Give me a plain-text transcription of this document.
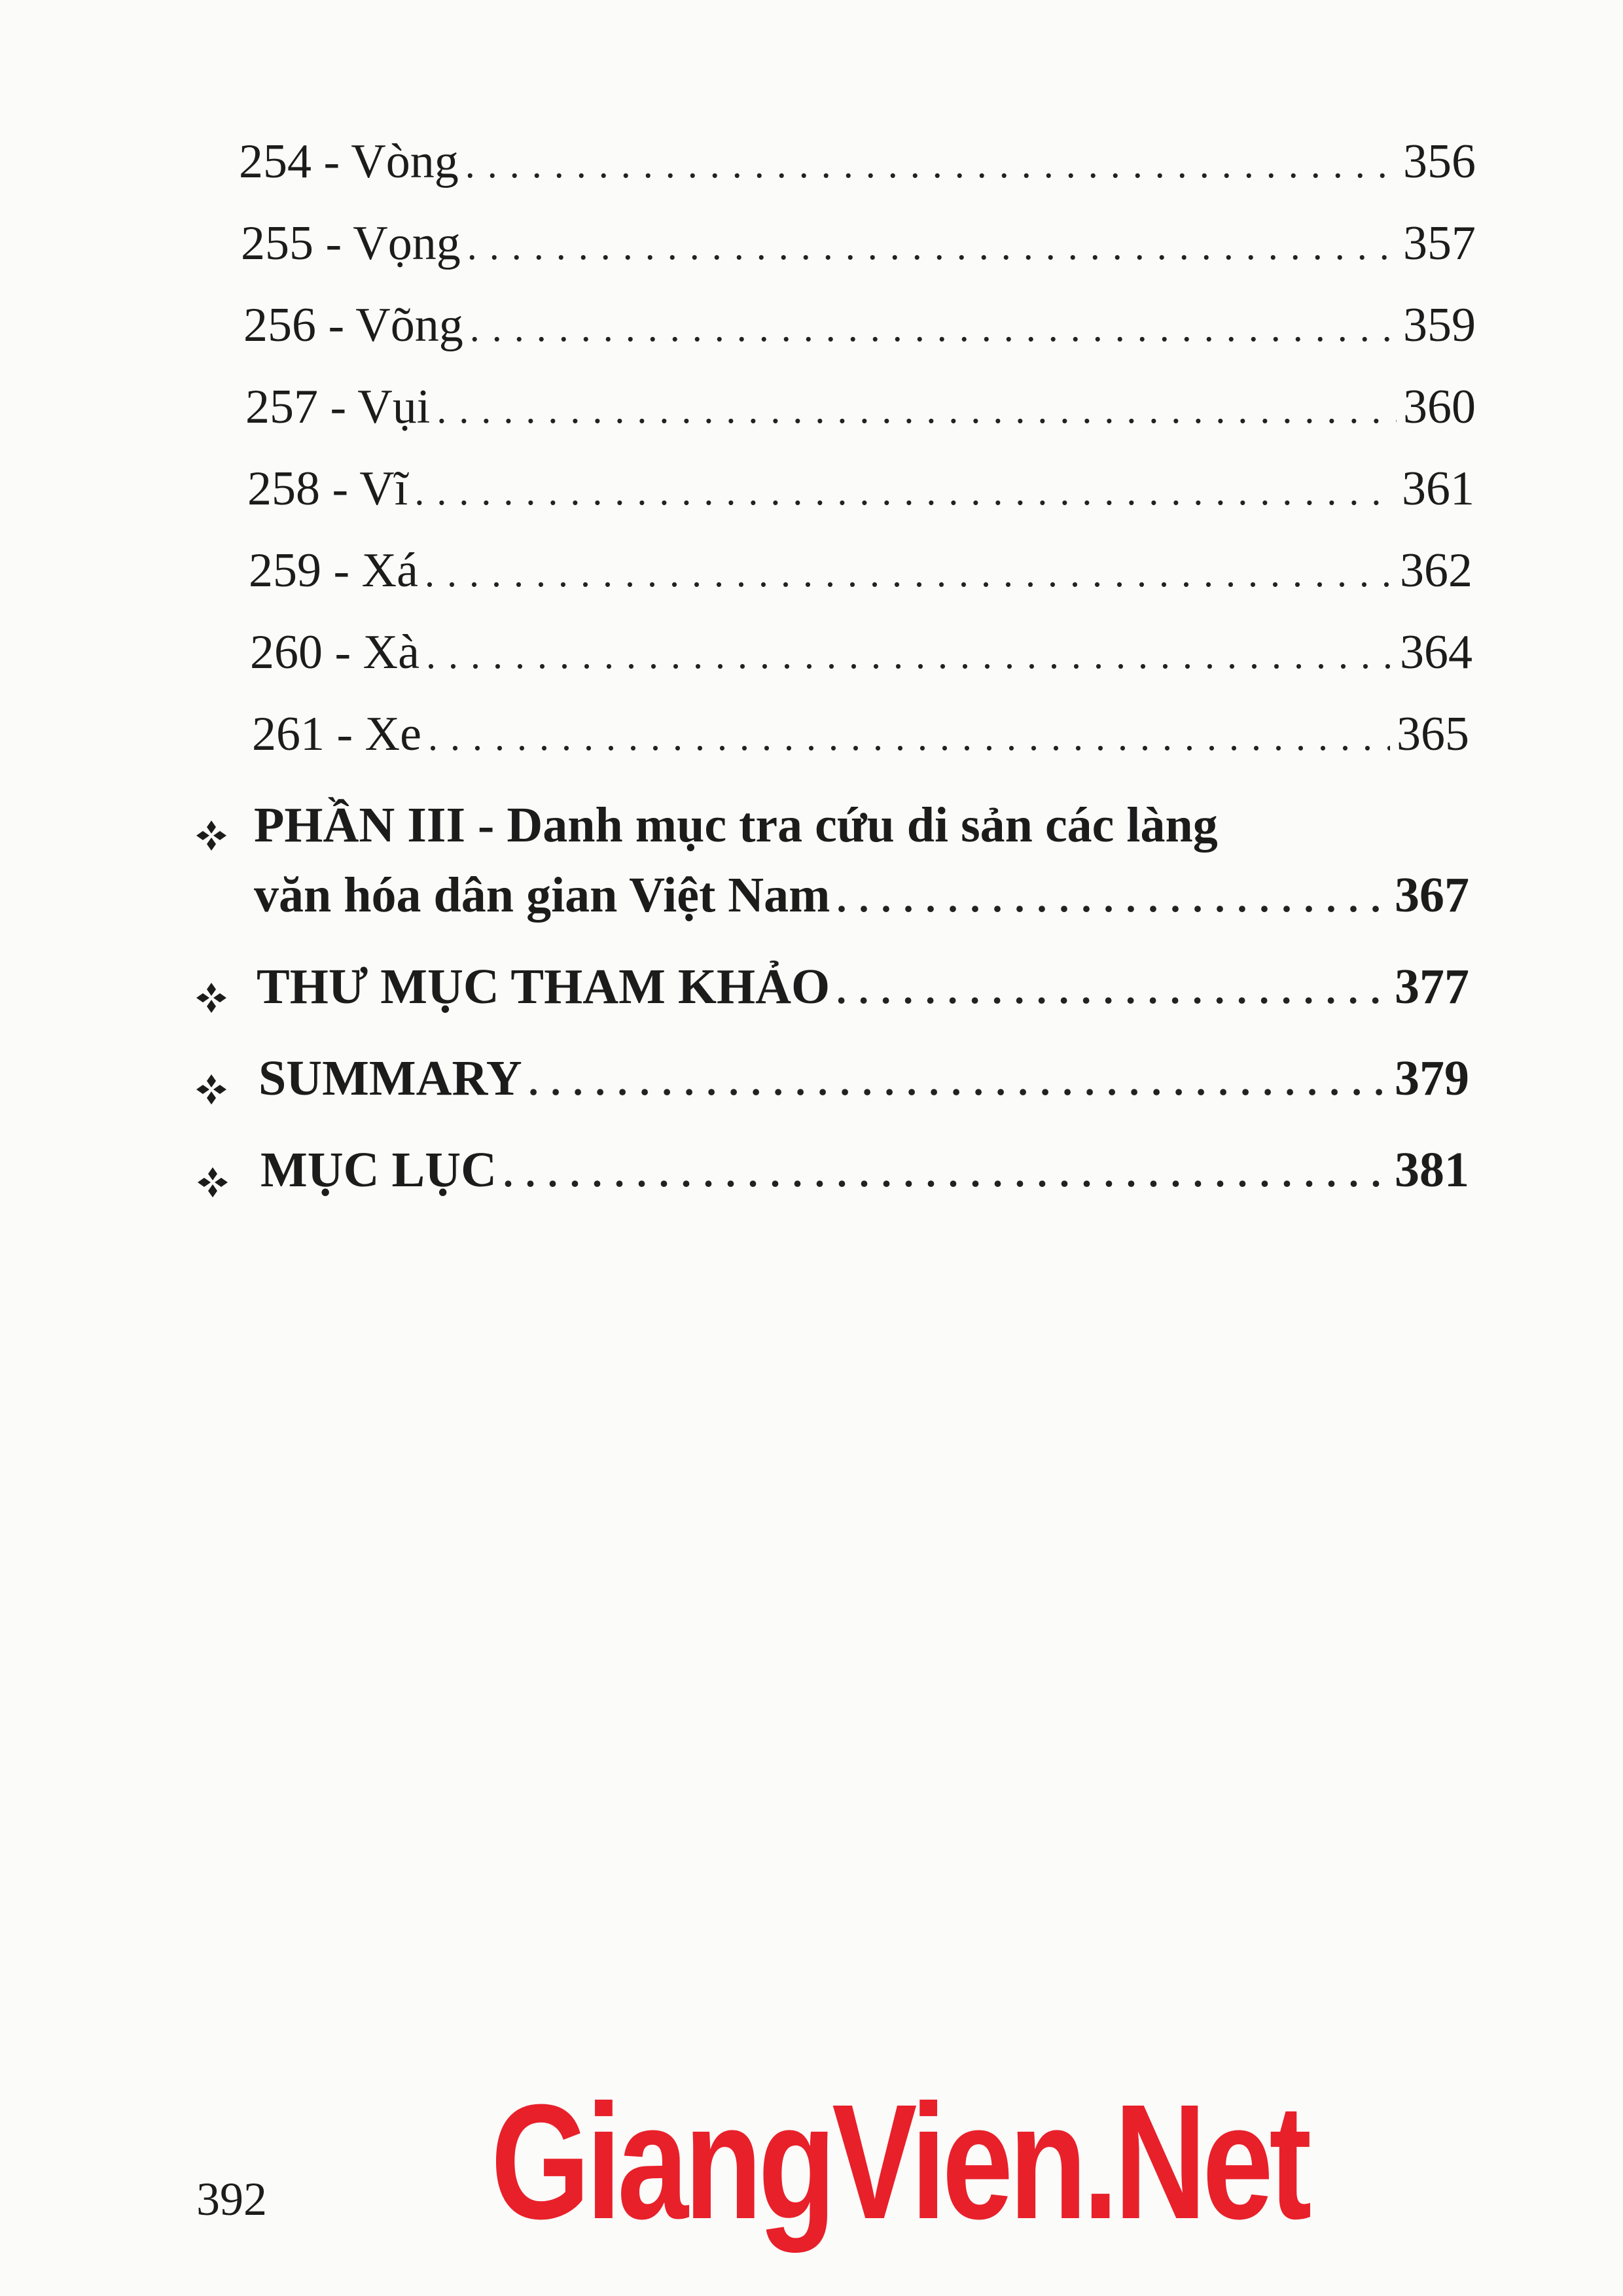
254 - Vòng . . .	356
255 - Vọng . . .	357
256 - Võng . . .	359
257 - Vụi . . .	360
258 - Vĩ . . .	361
259 - Xá . . .	362
260 - Xà . . .	364
261 - Xe . . .	365
PHẦN III - Danh mục tra cứu di sản các làng
văn hóa dân gian Việt Nam . . .	367
THƯ MỤC THAM KHẢO . . .	377
SUMMARY . . .	379
MỤC LỤC . . .	381
392 GiangVien.Net
